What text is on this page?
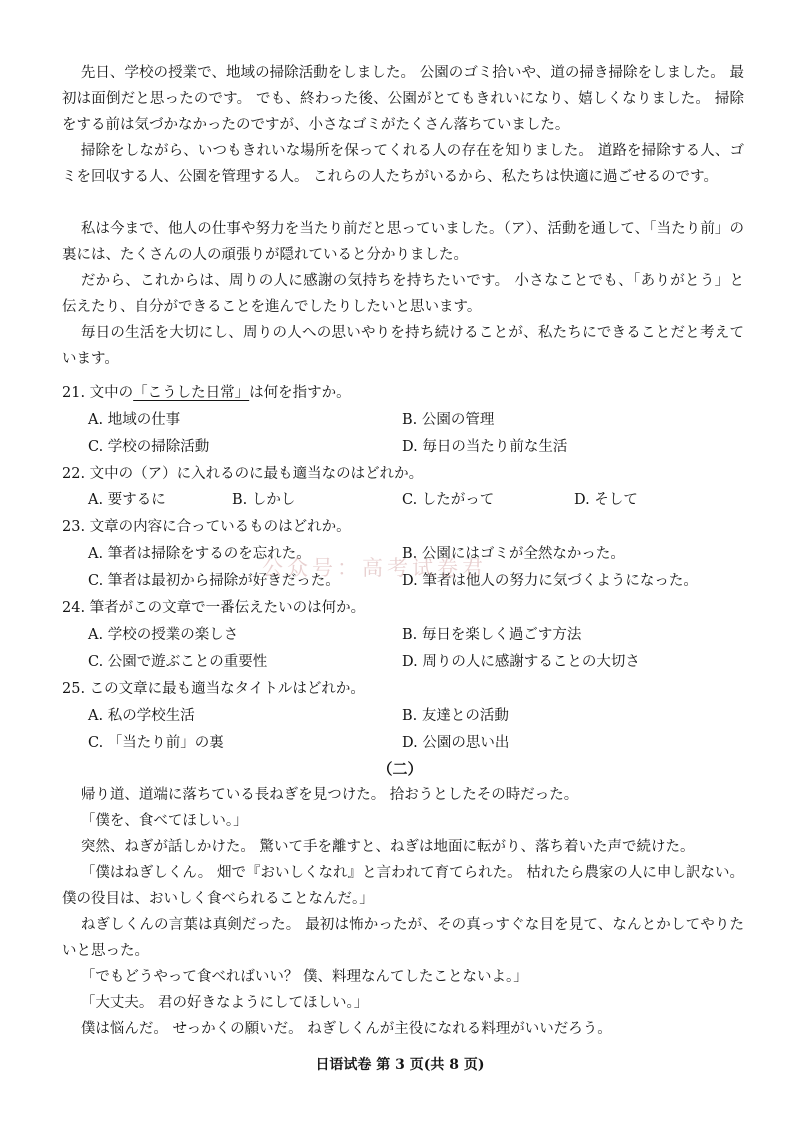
先日、学校の授業で、地域の掃除活動をしました。 公園のゴミ拾いや、道の掃き掃除をしました。 最初は面倒だと思ったのです。 でも、終わった後、公園がとてもきれいになり、嬉しくなりました。 掃除をする前は気づかなかったのですが、小さなゴミがたくさん落ちていました。
掃除をしながら、いつもきれいな場所を保ってくれる人の存在を知りました。 道路を掃除する人、ゴミを回収する人、公園を管理する人。 これらの人たちがいるから、私たちは快適に過ごせるのです。
私は今まで、他人の仕事や努力を当たり前だと思っていました。（ア）、活動を通して、「当たり前」の裏には、たくさんの人の頑張りが隠れていると分かりました。
だから、これからは、周りの人に感謝の気持ちを持ちたいです。 小さなことでも、「ありがとう」と伝えたり、自分ができることを進んでしたりしたいと思います。
毎日の生活を大切にし、周りの人への思いやりを持ち続けることが、私たちにできることだと考えています。
21. 文中の「こうした日常」は何を指すか。
A. 地域の仕事	B. 公園の管理
C. 学校の掃除活動	D. 毎日の当たり前な生活
22. 文中の（ア）に入れるのに最も適当なのはどれか。
A. 要するに	B. しかし	C. したがって	D. そして
23. 文章の内容に合っているものはどれか。
A. 筆者は掃除をするのを忘れた。	B. 公園にはゴミが全然なかった。
C. 筆者は最初から掃除が好きだった。	D. 筆者は他人の努力に気づくようになった。
24. 筆者がこの文章で一番伝えたいのは何か。
A. 学校の授業の楽しさ	B. 毎日を楽しく過ごす方法
C. 公園で遊ぶことの重要性	D. 周りの人に感謝することの大切さ
25. この文章に最も適当なタイトルはどれか。
A. 私の学校生活	B. 友達との活動
C. 「当たり前」の裏	D. 公園の思い出
（二）
帰り道、道端に落ちている長ねぎを見つけた。 拾おうとしたその時だった。
「僕を、食べてほしい。」
突然、ねぎが話しかけた。 驚いて手を離すと、ねぎは地面に転がり、落ち着いた声で続けた。
「僕はねぎしくん。 畑で『おいしくなれ』と言われて育てられた。 枯れたら農家の人に申し訳ない。 僕の役目は、おいしく食べられることなんだ。」
ねぎしくんの言葉は真剣だった。 最初は怖かったが、その真っすぐな目を見て、なんとかしてやりたいと思った。
「でもどうやって食べればいい？ 僕、料理なんてしたことないよ。」
「大丈夫。 君の好きなようにしてほしい。」
僕は悩んだ。 せっかくの願いだ。 ねぎしくんが主役になれる料理がいいだろう。
公众号：高考试卷君
日语试卷 第 3 页(共 8 页)
